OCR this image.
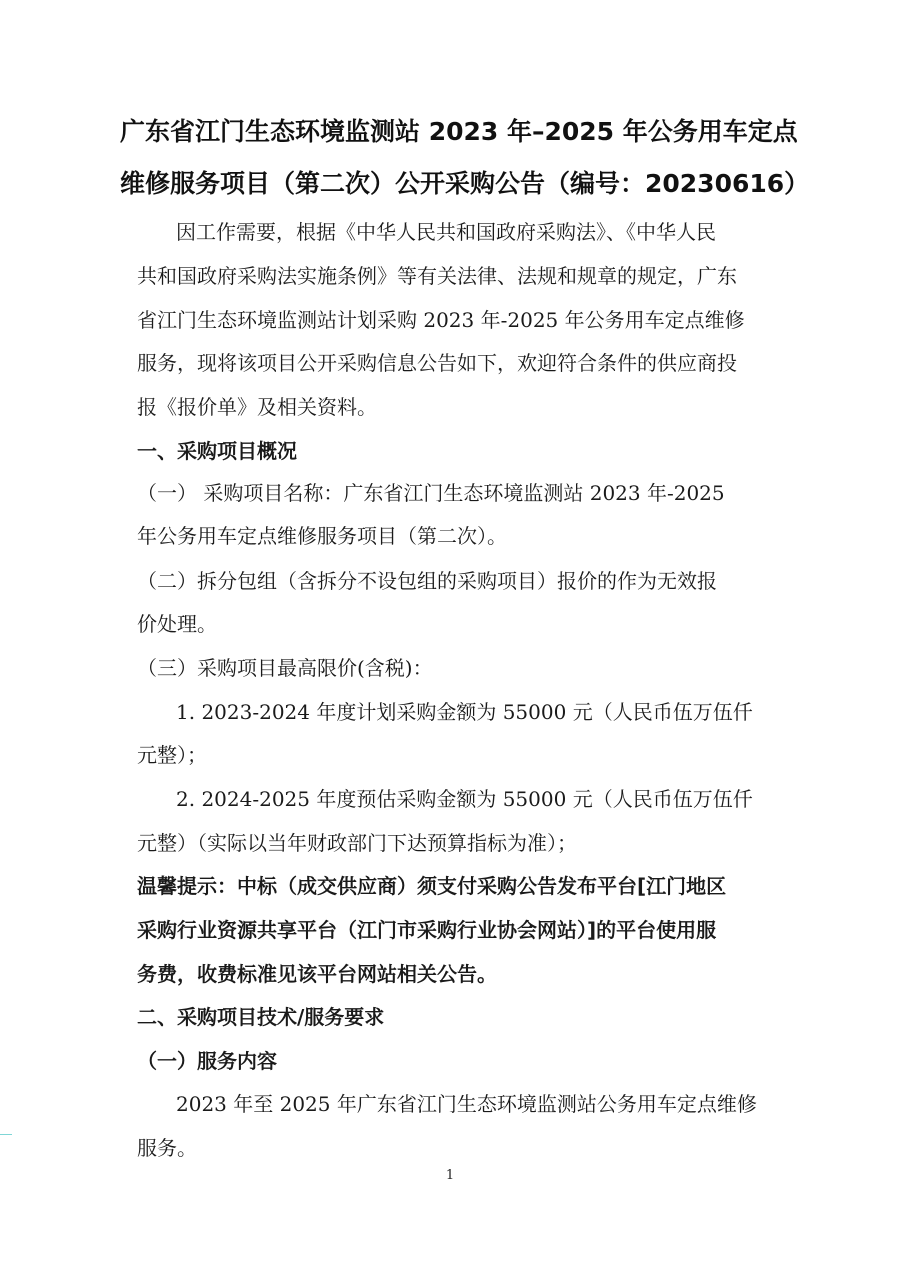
广东省江门生态环境监测站 2023 年–2025 年公务用车定点
维修服务项目（第二次）公开采购公告（编号：20230616）
因工作需要，根据《中华人民共和国政府采购法》、《中华人民
共和国政府采购法实施条例》等有关法律、法规和规章的规定，广东
省江门生态环境监测站计划采购 2023 年-2025 年公务用车定点维修
服务，现将该项目公开采购信息公告如下，欢迎符合条件的供应商投
报《报价单》及相关资料。
一、采购项目概况
（一） 采购项目名称：广东省江门生态环境监测站 2023 年-2025
年公务用车定点维修服务项目（第二次）。
（二）拆分包组（含拆分不设包组的采购项目）报价的作为无效报
价处理。
（三）采购项目最高限价(含税)：
1. 2023-2024 年度计划采购金额为 55000 元（人民币伍万伍仟
元整）；
2. 2024-2025 年度预估采购金额为 55000 元（人民币伍万伍仟
元整）（实际以当年财政部门下达预算指标为准）；
温馨提示：中标（成交供应商）须支付采购公告发布平台[江门地区
采购行业资源共享平台（江门市采购行业协会网站）]的平台使用服
务费，收费标准见该平台网站相关公告。
二、采购项目技术/服务要求
（一）服务内容
2023 年至 2025 年广东省江门生态环境监测站公务用车定点维修
服务。
1
